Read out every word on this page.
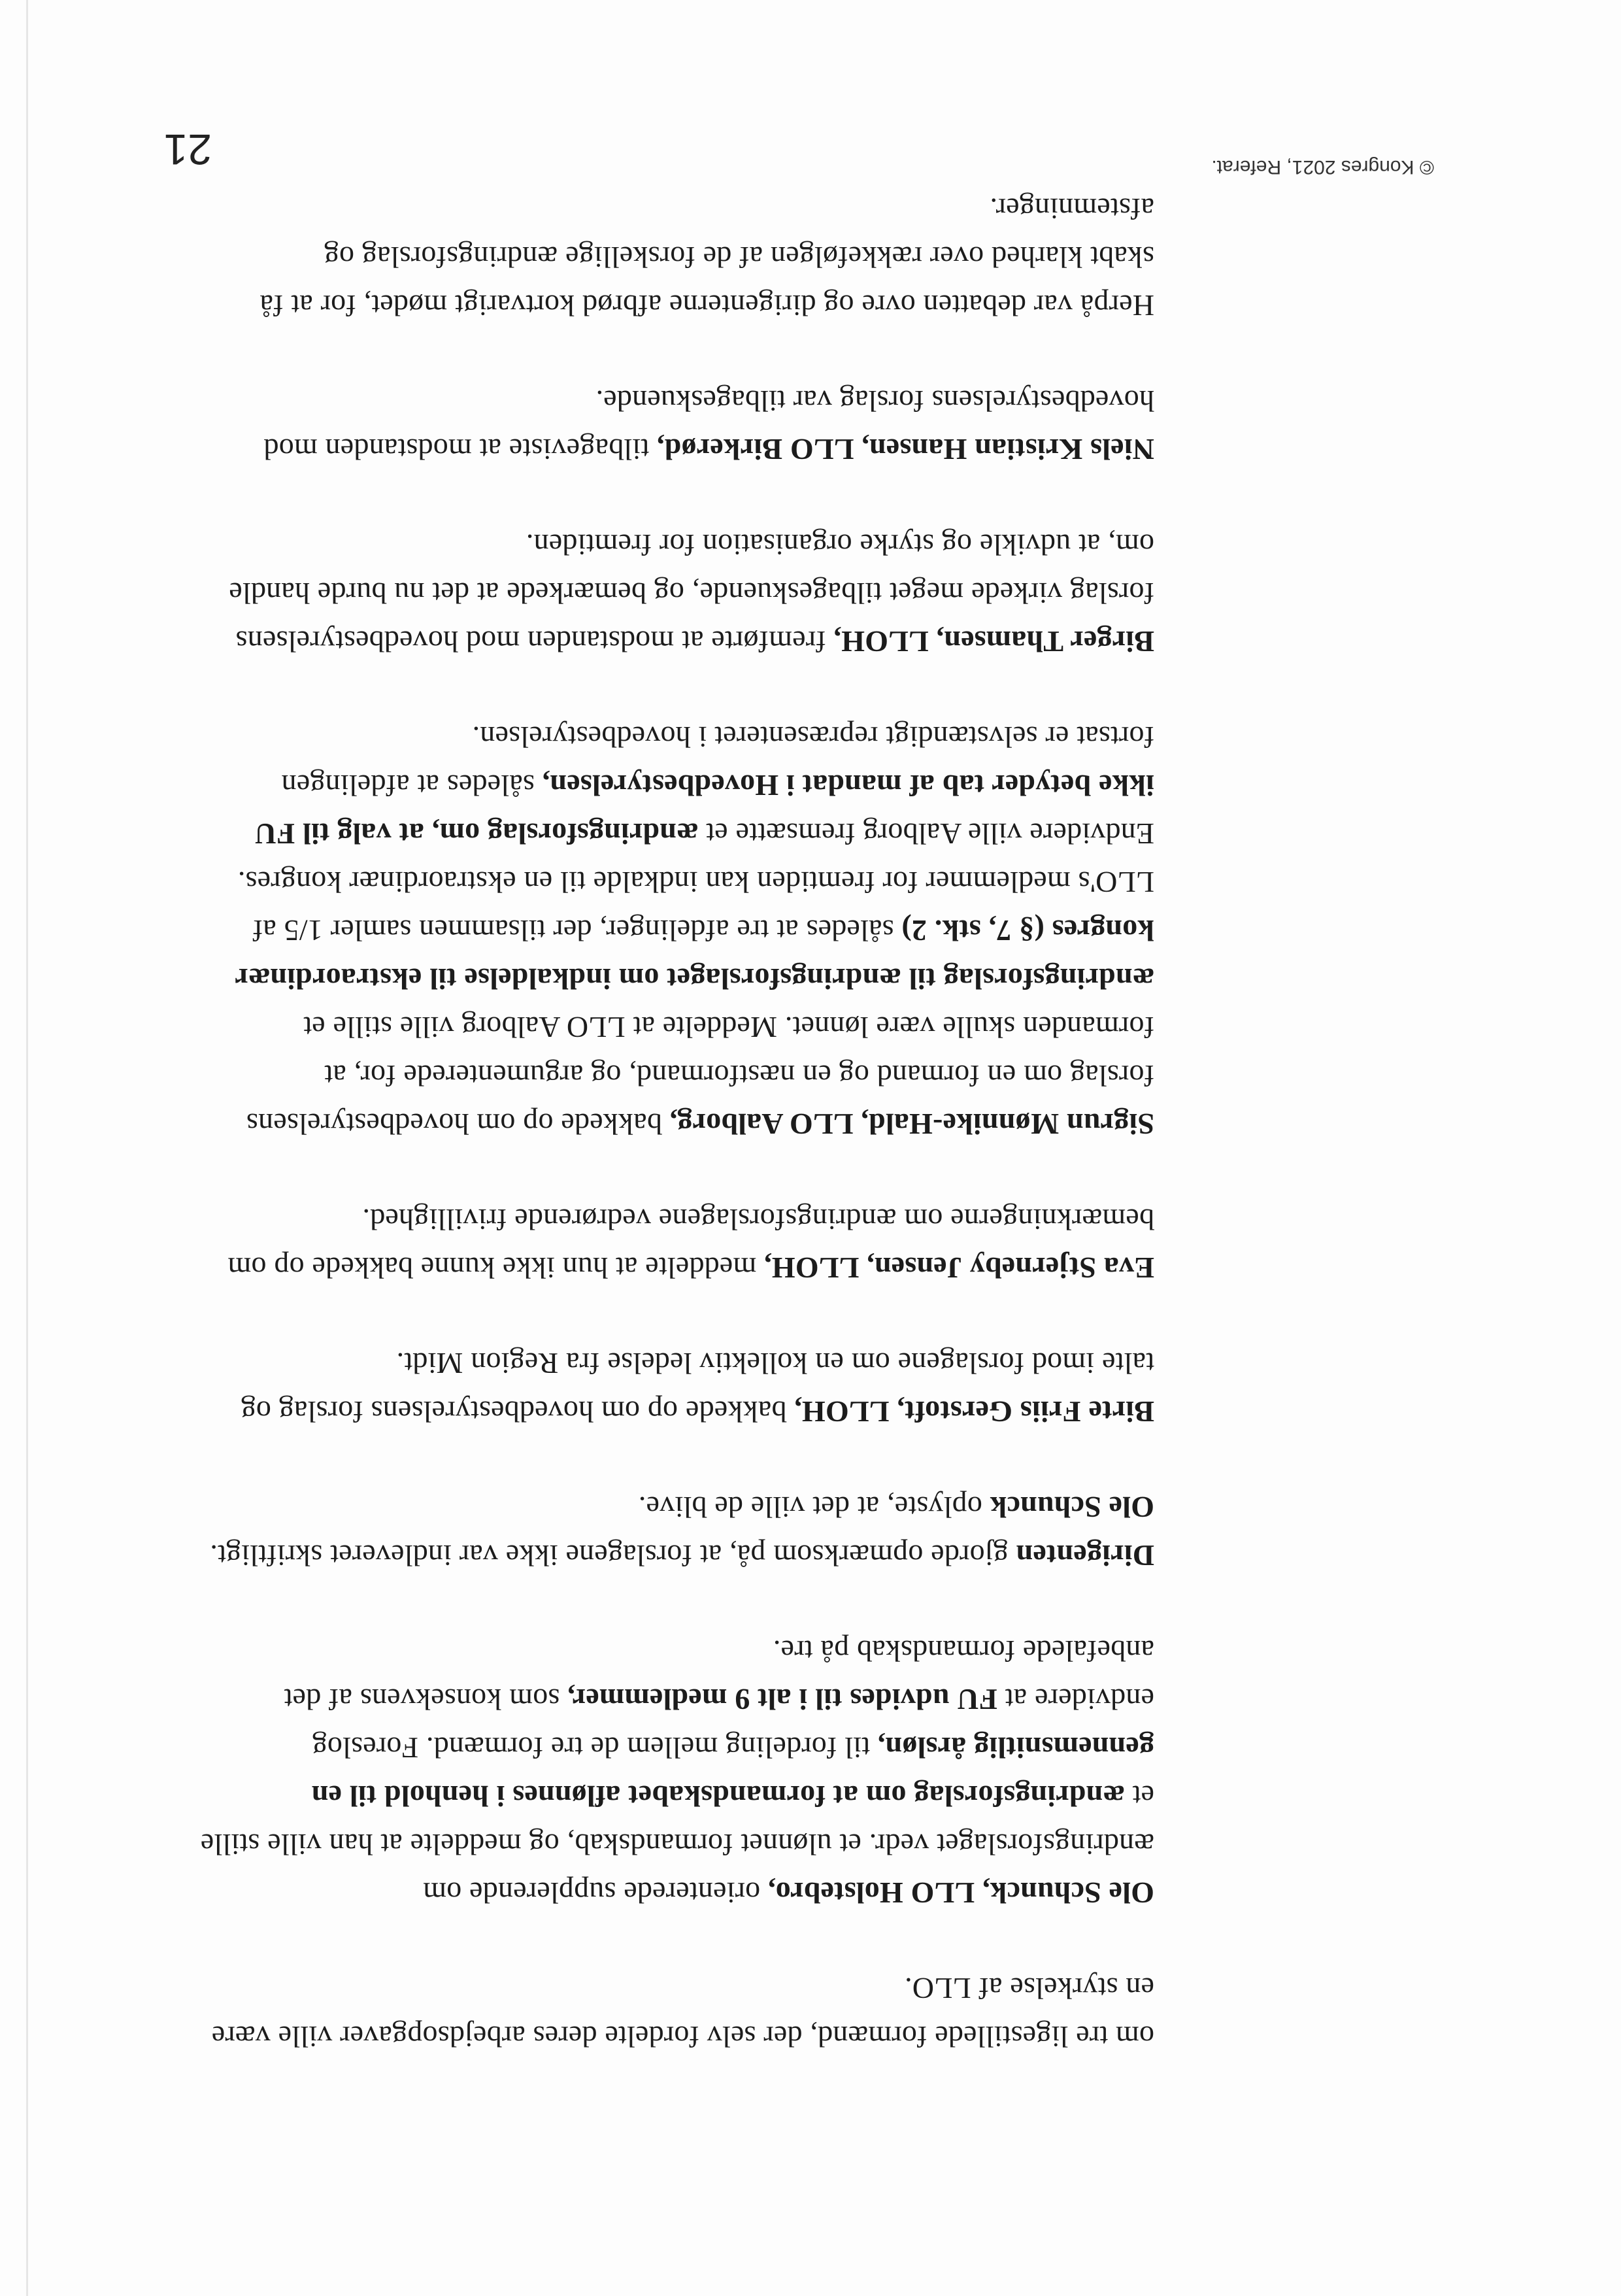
om tre ligestillede formænd, der selv fordelte deres arbejdsopgaver ville være en styrkelse af LLO.

Ole Schunck, LLO Holstebro, orienterede supplerende om ændringsforslaget vedr. et ulønnet formandskab, og meddelte at han ville stille et ændringsforslag om at formandskabet aflønnes i henhold til en gennemsnitlig årsløn, til fordeling mellem de tre formænd. Foreslog endvidere at FU udvides til i alt 9 medlemmer, som konsekvens af det anbefalede formandskab på tre.

Dirigenten gjorde opmærksom på, at forslagene ikke var indleveret skriftligt. Ole Schunck oplyste, at det ville de blive.

Birte Friis Gerstoft, LLOH, bakkede op om hovedbestyrelsens forslag og talte imod forslagene om en kollektiv ledelse fra Region Midt.

Eva Stjerneby Jensen, LLOH, meddelte at hun ikke kunne bakkede op om bemærkningerne om ændringsforslagene vedrørende frivillighed.

Sigrun Mønnike-Hald, LLO Aalborg, bakkede op om hovedbestyrelsens forslag om en formand og en næstformand, og argumenterede for, at formanden skulle være lønnet. Meddelte at LLO Aalborg ville stille et ændringsforslag til ændringsforslaget om indkaldelse til ekstraordinær kongres (§ 7, stk. 2) således at tre afdelinger, der tilsammen samler 1/5 af LLO's medlemmer for fremtiden kan indkalde til en ekstraordinær kongres. Endvidere ville Aalborg fremsætte et ændringsforslag om, at valg til FU ikke betyder tab af mandat i Hovedbestyrelsen, således at afdelingen fortsat er selvstændigt repræsenteret i hovedbestyrelsen.

Birger Thamsen, LLOH, fremførte at modstanden mod hovedbestyrelsens forslag virkede meget tilbageskuende, og bemærkede at det nu burde handle om, at udvikle og styrke organisation for fremtiden.

Niels Kristian Hansen, LLO Birkerød, tilbageviste at modstanden mod hovedbestyrelsens forslag var tilbageskuende.

Herpå var debatten ovre og dirigenterne afbrød kortvarigt mødet, for at få skabt klarhed over rækkefølgen af de forskellige ændringsforslag og afstemninger.

21	© Kongres 2021, Referat.
